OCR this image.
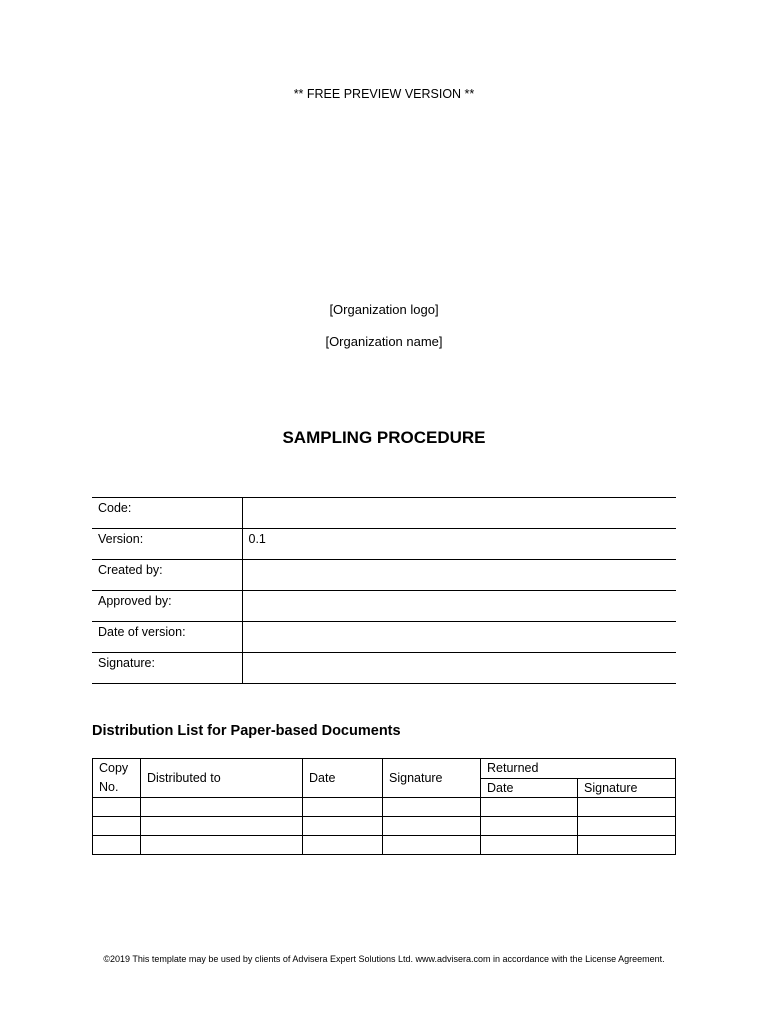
** FREE PREVIEW VERSION **
[Organization logo]
[Organization name]
SAMPLING PROCEDURE
Code:	
Version:	0.1
Created by:	
Approved by:	
Date of version:	
Signature:	
Distribution List for Paper-based Documents
Copy No.	Distributed to	Date	Signature	Returned	
				Date	Signature

©2019 This template may be used by clients of Advisera Expert Solutions Ltd. www.advisera.com in accordance with the License Agreement.
